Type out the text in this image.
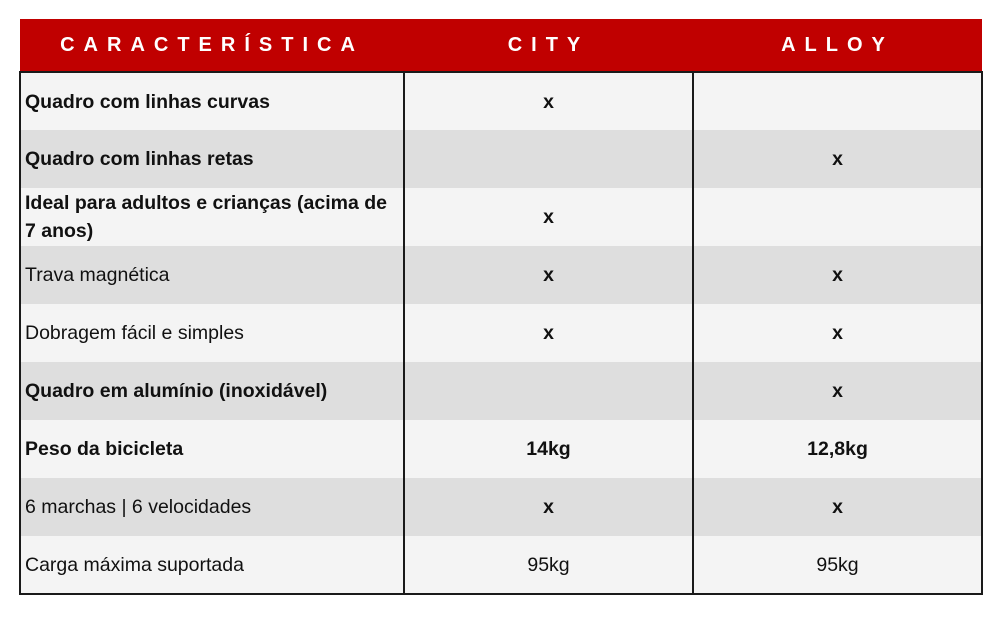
CARACTERÍSTICA	CITY	ALLOY
Quadro com linhas curvas	x	
Quadro com linhas retas		x
Ideal para adultos e crianças (acima de 7 anos)	x	
Trava magnética	x	x
Dobragem fácil e simples	x	x
Quadro em alumínio (inoxidável)		x
Peso da bicicleta	14kg	12,8kg
6 marchas | 6 velocidades	x	x
Carga máxima suportada	95kg	95kg
